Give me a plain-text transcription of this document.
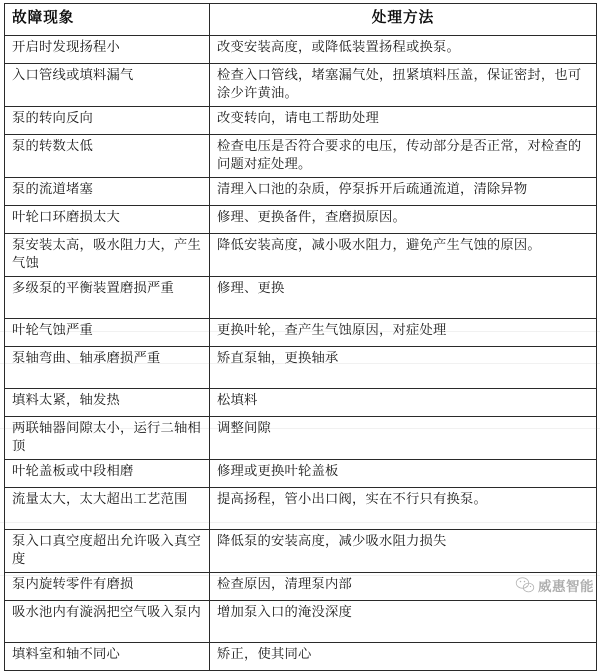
故障现象	处理方法

开启时发现扬程小	改变安装高度，或降低装置扬程或换泵。

入口管线或填料漏气	检查入口管线，堵塞漏气处，扭紧填料压盖，保证密封，也可涂少许黄油。

泵的转向反向	改变转向，请电工帮助处理

泵的转数太低	检查电压是否符合要求的电压，传动部分是否正常，对检查的问题对症处理。

泵的流道堵塞	清理入口池的杂质，停泵拆开后疏通流道，清除异物

叶轮口环磨损太大	修理、更换备件，查磨损原因。

泵安装太高，吸水阻力大，产生气蚀	降低安装高度，减小吸水阻力，避免产生气蚀的原因。

多级泵的平衡装置磨损严重	修理、更换

叶轮气蚀严重	更换叶轮，查产生气蚀原因，对症处理

泵轴弯曲、轴承磨损严重	矫直泵轴，更换轴承

填料太紧，轴发热	松填料

两联轴器间隙太小，运行二轴相顶	调整间隙

叶轮盖板或中段相磨	修理或更换叶轮盖板

流量太大，太大超出工艺范围	提高扬程，管小出口阀，实在不行只有换泵。

泵入口真空度超出允许吸入真空度	降低泵的安装高度，减少吸水阻力损失

泵内旋转零件有磨损	检查原因，清理泵内部

吸水池内有漩涡把空气吸入泵内	增加泵入口的淹没深度

填料室和轴不同心	矫正，使其同心
威惠智能
